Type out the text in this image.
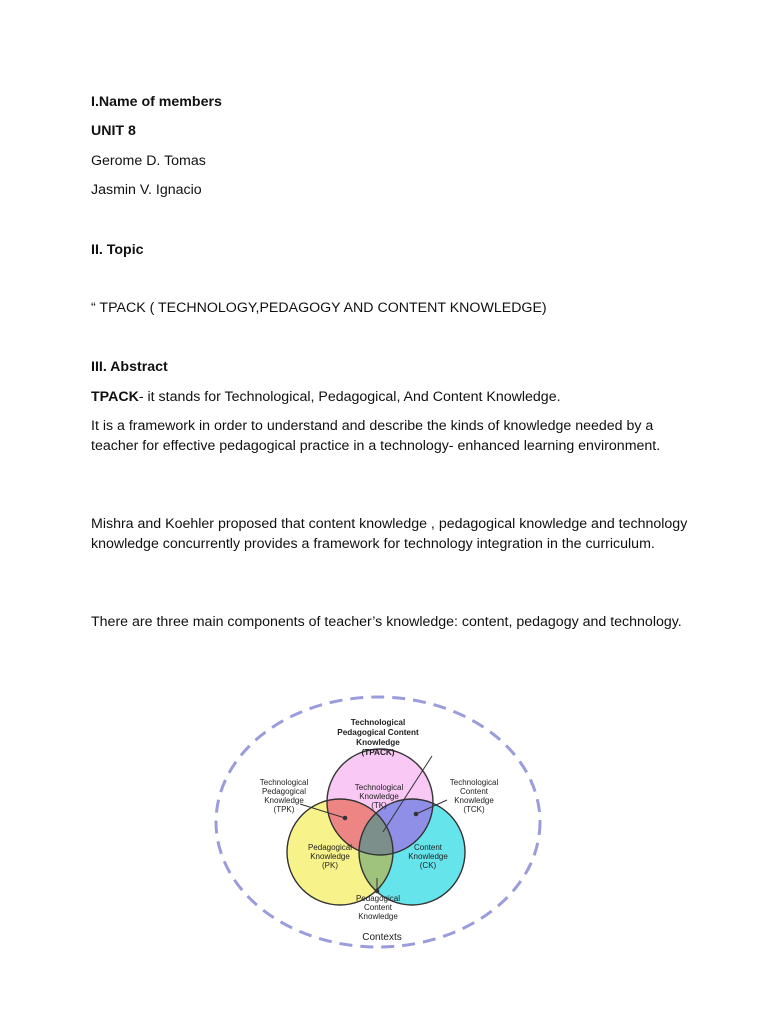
I.Name of members

UNIT 8

Gerome D. Tomas

Jasmin V. Ignacio

II. Topic

“ TPACK ( TECHNOLOGY,PEDAGOGY AND CONTENT KNOWLEDGE)

III. Abstract

TPACK- it stands for Technological, Pedagogical, And Content Knowledge.

It is a framework in order to understand and describe the kinds of knowledge needed by a teacher for effective pedagogical practice in a technology- enhanced learning environment.

Mishra and Koehler proposed that content knowledge , pedagogical knowledge and technology knowledge concurrently provides a framework for technology integration in the curriculum.

There are three main components of teacher’s knowledge: content, pedagogy and technology.

Technological
Pedagogical Content
Knowledge
(TPACK)
Technological
Knowledge
(TK)
Pedagogical
Knowledge
(PK)
Content
Knowledge
(CK)
Technological
Pedagogical
Knowledge
(TPK)
Technological
Content
Knowledge
(TCK)
Pedagogical
Content
Knowledge
Contexts
